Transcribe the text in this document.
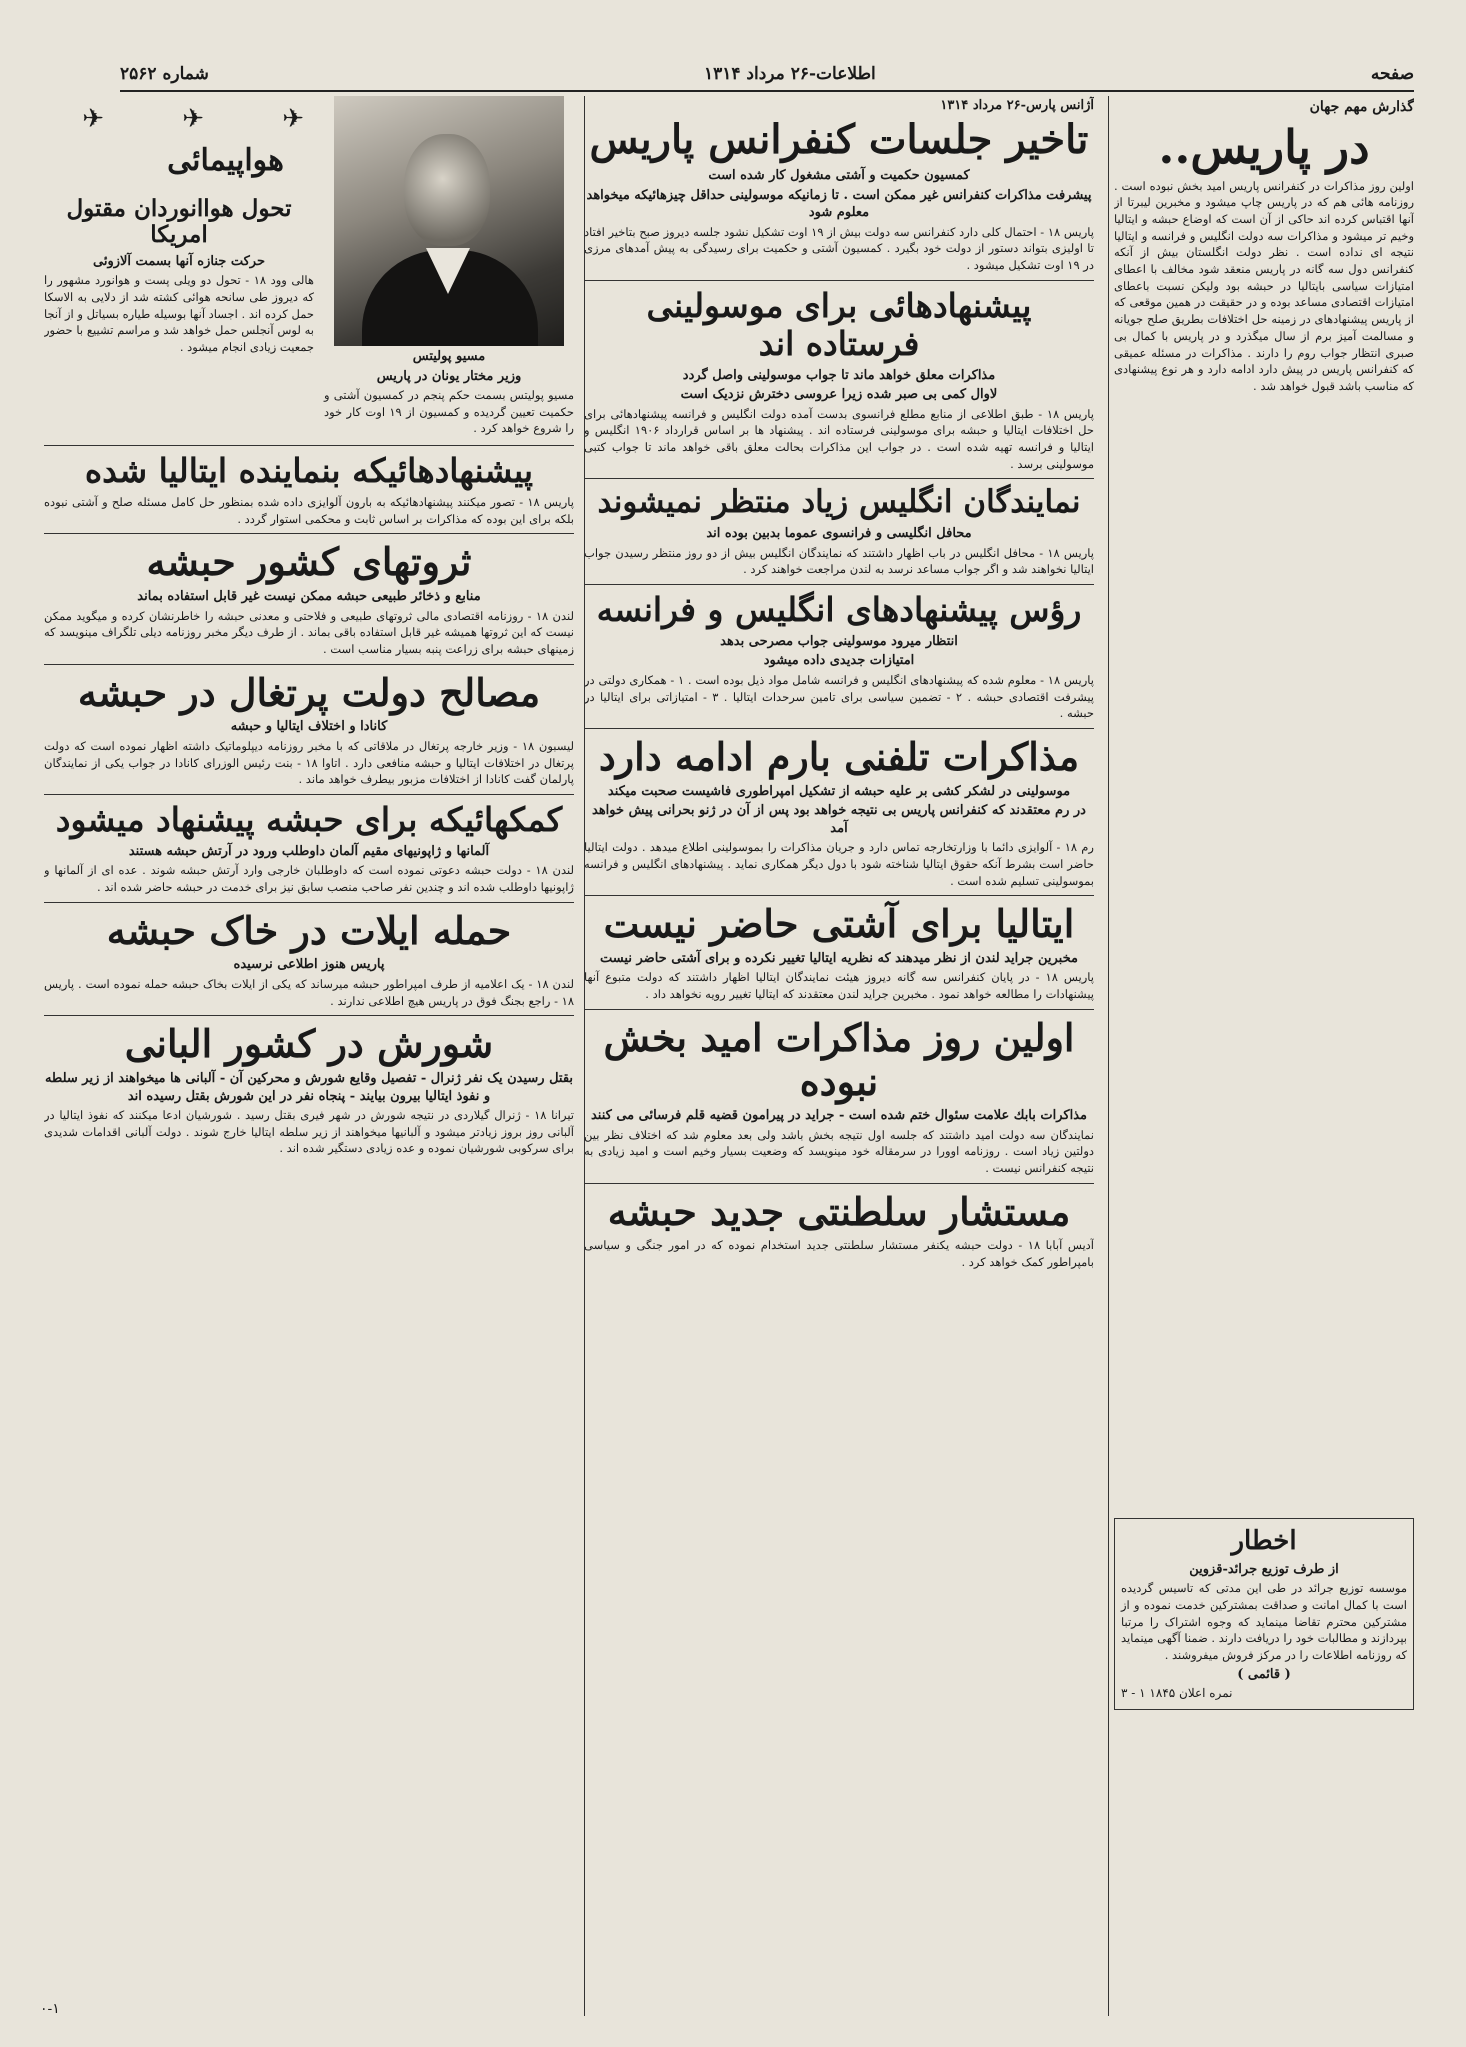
صفحه
اطلاعات-۲۶ مرداد ۱۳۱۴
شماره ۲۵۶۲
گذارش مهم جهان
در پاریس..
اولین روز مذاکرات در کنفرانس پاریس امید بخش نبوده است . روزنامه هائی هم که در پاریس چاپ میشود و مخبرین لیبرتا از آنها اقتباس کرده اند حاکی از آن است که اوضاع حبشه و ایتالیا وخیم تر میشود و مذاکرات سه دولت انگلیس و فرانسه و ایتالیا نتیجه ای نداده است . نظر دولت انگلستان بیش از آنکه کنفرانس دول سه گانه در پاریس منعقد شود مخالف با اعطای امتیازات سیاسی بایتالیا در حبشه بود ولیکن نسبت باعطای امتیازات اقتصادی مساعد بوده و در حقیقت در همین موقعی که از پاریس پیشنهادهای در زمینه حل اختلافات بطریق صلح جویانه و مسالمت آمیز برم از سال میگذرد و در پاریس با کمال بی صبری انتظار جواب روم را دارند . مذاکرات در مسئله عمیقی که کنفرانس پاریس در پیش دارد ادامه دارد و هر نوع پیشنهادی که مناسب باشد قبول خواهد شد .
اخطار
از طرف توزیع جرائد-قزوین
موسسه توزیع جرائد در طی این مدتی که تاسیس گردیده است با کمال امانت و صداقت بمشترکین خدمت نموده و از مشترکین محترم تقاضا مینماید که وجوه اشتراک را مرتبا بپردازند و مطالبات خود را دریافت دارند . ضمنا آگهی مینماید که روزنامه اطلاعات را در مرکز فروش میفروشند .
( قائمی )
نمره اعلان ۱۸۴۵ ۱ - ۳
آژانس پارس-۲۶ مرداد ۱۳۱۴
تاخیر جلسات کنفرانس پاریس
کمسیون حکمیت و آشتی مشغول کار شده است
پیشرفت مذاکرات کنفرانس غیر ممکن است . تا زمانیکه موسولینی حداقل چیزهائیکه میخواهد معلوم شود
پاریس ۱۸ - احتمال کلی دارد کنفرانس سه دولت بیش از ۱۹ اوت تشکیل نشود جلسه دیروز صبح بتاخیر افتاد تا اولیزی بتواند دستور از دولت خود بگیرد . کمسیون آشتی و حکمیت برای رسیدگی به پیش آمدهای مرزی در ۱۹ اوت تشکیل میشود .
پیشنهادهائی برای موسولینی فرستاده اند
مذاکرات معلق خواهد ماند تا جواب موسولینی واصل گردد
لاوال کمی بی صبر شده زیرا عروسی دخترش نزدیک است
پاریس ۱۸ - طبق اطلاعی از منابع مطلع فرانسوی بدست آمده دولت انگلیس و فرانسه پیشنهادهائی برای حل اختلافات ایتالیا و حبشه برای موسولینی فرستاده اند . پیشنهاد ها بر اساس قرارداد ۱۹۰۶ انگلیس و ایتالیا و فرانسه تهیه شده است . در جواب این مذاکرات بحالت معلق باقی خواهد ماند تا جواب کتبی موسولینی برسد .
نمایندگان انگلیس زیاد منتظر نمیشوند
محافل انگلیسی و فرانسوی عموما بدبین بوده اند
پاریس ۱۸ - محافل انگلیس در باب اظهار داشتند که نمایندگان انگلیس بیش از دو روز منتظر رسیدن جواب ایتالیا نخواهند شد و اگر جواب مساعد نرسد به لندن مراجعت خواهند کرد .
رؤس پیشنهادهای انگلیس و فرانسه
انتظار میرود موسولینی جواب مصرحی بدهد
امتیازات جدیدی داده میشود
پاریس ۱۸ - معلوم شده که پیشنهادهای انگلیس و فرانسه شامل مواد ذیل بوده است . ۱ - همکاری دولتی در پیشرفت اقتصادی حبشه . ۲ - تضمین سیاسی برای تامین سرحدات ایتالیا . ۳ - امتیازاتی برای ایتالیا در حبشه .
مذاکرات تلفنی بارم ادامه دارد
موسولینی در لشکر کشی بر علیه حبشه از تشکیل امپراطوری فاشیست صحبت میکند
در رم معتقدند که کنفرانس پاریس بی نتیجه خواهد بود پس از آن در ژنو بحرانی پیش خواهد آمد
رم ۱۸ - آلوایزی دائما با وزارتخارجه تماس دارد و جریان مذاکرات را بموسولینی اطلاع میدهد . دولت ایتالیا حاضر است بشرط آنکه حقوق ایتالیا شناخته شود با دول دیگر همکاری نماید . پیشنهادهای انگلیس و فرانسه بموسولینی تسلیم شده است .
ایتالیا برای آشتی حاضر نیست
مخبرین جراید لندن از نظر میدهند که نظریه ایتالیا تغییر نکرده و برای آشتی حاضر نیست
پاریس ۱۸ - در پایان کنفرانس سه گانه دیروز هیئت نمایندگان ایتالیا اظهار داشتند که دولت متبوع آنها پیشنهادات را مطالعه خواهد نمود . مخبرین جراید لندن معتقدند که ایتالیا تغییر رویه نخواهد داد .
اولین روز مذاکرات امید بخش نبوده
مذاکرات بابك علامت سئوال ختم شده است - جراید در پیرامون قضیه قلم فرسائی می کنند
نمایندگان سه دولت امید داشتند که جلسه اول نتیجه بخش باشد ولی بعد معلوم شد که اختلاف نظر بین دولتین زیاد است . روزنامه اوورا در سرمقاله خود مینویسد که وضعیت بسیار وخیم است و امید زیادی به نتیجه کنفرانس نیست .
مستشار سلطنتی جدید حبشه
آدیس آبابا ۱۸ - دولت حبشه یکنفر مستشار سلطنتی جدید استخدام نموده که در امور جنگی و سیاسی بامپراطور کمک خواهد کرد .
مسیو پولیتس
وزیر مختار یونان در پاریس
مسیو پولیتس بسمت حکم پنجم در کمسیون آشتی و حکمیت تعیین گردیده و کمسیون از ۱۹ اوت کار خود را شروع خواهد کرد .
✈
✈
✈
هواپیمائی
تحول هواانوردان مقتول امریکا
حرکت جنازه آنها بسمت آلازوئی
هالی وود ۱۸ - تحول دو ویلی پست و هوانورد مشهور را که دیروز طی سانحه هوائی کشته شد از دلایی به الاسکا حمل کرده اند . اجساد آنها بوسیله طیاره بسیاتل و از آنجا به لوس آنجلس حمل خواهد شد و مراسم تشییع با حضور جمعیت زیادی انجام میشود .
پیشنهادهائیکه بنماینده ایتالیا شده
پاریس ۱۸ - تصور میکنند پیشنهادهائیکه به بارون آلوایزی داده شده بمنظور حل کامل مسئله صلح و آشتی نبوده بلکه برای این بوده که مذاکرات بر اساس ثابت و محکمی استوار گردد .
ثروتهای کشور حبشه
منابع و ذخائر طبیعی حبشه ممکن نیست غیر قابل استفاده بماند
لندن ۱۸ - روزنامه اقتصادی مالی ثروتهای طبیعی و فلاحتی و معدنی حبشه را خاطرنشان کرده و میگوید ممکن نیست که این ثروتها همیشه غیر قابل استفاده باقی بماند . از طرف دیگر مخبر روزنامه دیلی تلگراف مینویسد که زمینهای حبشه برای زراعت پنبه بسیار مناسب است .
مصالح دولت پرتغال در حبشه
کانادا و اختلاف ایتالیا و حبشه
لیسبون ۱۸ - وزیر خارجه پرتغال در ملاقاتی که با مخبر روزنامه دیپلوماتیک داشته اظهار نموده است که دولت پرتغال در اختلافات ایتالیا و حبشه منافعی دارد . اتاوا ۱۸ - بنت رئیس الوزرای کانادا در جواب یکی از نمایندگان پارلمان گفت کانادا از اختلافات مزبور بیطرف خواهد ماند .
کمکهائیکه برای حبشه پیشنهاد میشود
آلمانها و ژاپونیهای مقیم آلمان داوطلب ورود در آرتش حبشه هستند
لندن ۱۸ - دولت حبشه دعوتی نموده است که داوطلبان خارجی وارد آرتش حبشه شوند . عده ای از آلمانها و ژاپونیها داوطلب شده اند و چندین نفر صاحب منصب سابق نیز برای خدمت در حبشه حاضر شده اند .
حمله ایلات در خاک حبشه
پاریس هنوز اطلاعی نرسیده
لندن ۱۸ - یک اعلامیه از طرف امپراطور حبشه میرساند که یکی از ایلات بخاک حبشه حمله نموده است . پاریس ۱۸ - راجع بجنگ فوق در پاریس هیچ اطلاعی ندارند .
شورش در کشور البانی
بقتل رسیدن یک نفر ژنرال - تفصیل وقایع شورش و محرکین آن - آلبانی ها میخواهند از زیر سلطه و نفوذ ایتالیا بیرون بیایند - پنجاه نفر در این شورش بقتل رسیده اند
تیرانا ۱۸ - ژنرال گیلاردی در نتیجه شورش در شهر فیری بقتل رسید . شورشیان ادعا میکنند که نفوذ ایتالیا در آلبانی روز بروز زیادتر میشود و آلبانیها میخواهند از زیر سلطه ایتالیا خارج شوند . دولت آلبانی اقدامات شدیدی برای سرکوبی شورشیان نموده و عده زیادی دستگیر شده اند .
۰-۱
